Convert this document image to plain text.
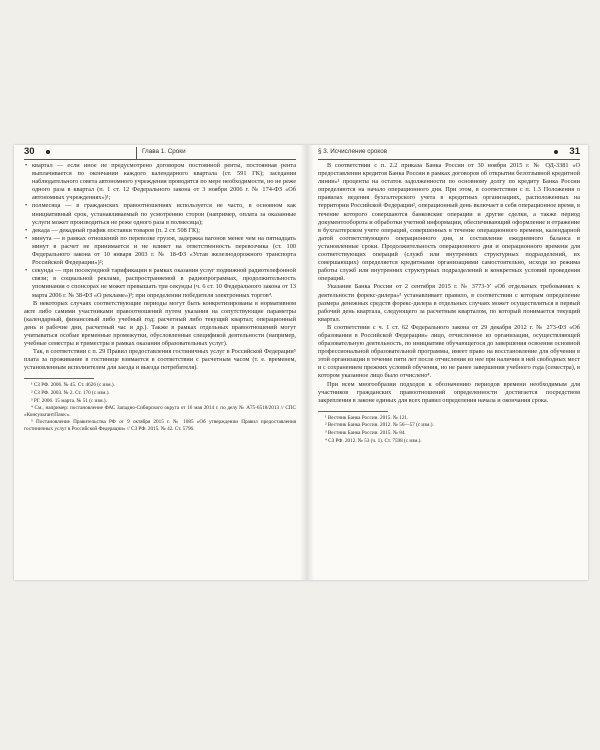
30	Глава 1. Сроки
• квартал — если иное не предусмотрено договором постоянной ренты, постоянная рента выплачивается по окончании каждого календарного квартала (ст. 591 ГК); заседания наблюдательного совета автономного учреждения проводятся по мере необходимости, но не реже одного раза в квартал (п. 1 ст. 12 Федерального закона от 3 ноября 2006 г. № 174-ФЗ «Об автономных учреждениях»)¹;
• полмесяца — в гражданских правоотношениях используется не часто, в основном как инициативный срок, устанавливаемый по усмотрению сторон (например, оплата за оказанные услуги может производиться не реже одного раза в полмесяца);
• декада — декадный график поставки товаров (п. 2 ст. 508 ГК);
• минута — в рамках отношений по перевозке грузов, задержка вагонов менее чем на пятнадцать минут в расчет не принимается и не влияет на ответственность перевозчика (ст. 100 Федерального закона от 10 января 2003 г. № 18-ФЗ «Устав железнодорожного транспорта Российской Федерации»)²;
• секунда — при посекундной тарификации в рамках оказания услуг подвижной радиотелефонной связи; в социальной рекламе, распространяемой в радиопрограммах, продолжительность упоминания о спонсорах не может превышать три секунды (ч. 6 ст. 10 Федерального закона от 13 марта 2006 г. № 38-ФЗ «О рекламе»)³; при определении победителя электронных торгов⁴.

В некоторых случаях соответствующие периоды могут быть конкретизированы в нормативном акте либо самими участниками правоотношений путем указания на сопутствующие параметры (календарный, финансовый либо учебный год; расчетный либо текущий квартал; операционный день и рабочие дни, расчетный час и др.). Также в рамках отдельных правоотношений могут учитываться особые временные промежутки, обусловленные спецификой деятельности (например, учебные семестры и триместры в рамках оказания образовательных услуг).

Так, в соответствии с п. 29 Правил предоставления гостиничных услуг в Российской Федерации⁵ плата за проживание в гостинице взимается в соответствии с расчетным часом (т. е. временем, установленным исполнителем для заезда и выезда потребителя).

¹ СЗ РФ. 2006. № 45. Ст. 4626 (с изм.).
² СЗ РФ. 2003. № 2. Ст. 170 (с изм.).
³ РГ. 2006. 15 марта. № 51 (с изм.).
⁴ См., например: постановление ФАС Западно-Сибирского округа от 16 мая 2014 г. по делу № А75-6518/2013 // СПС «КонсультантПлюс».
⁵ Постановление Правительства РФ от 9 октября 2015 г. № 1085 «Об утверждении Правил предоставления гостиничных услуг в Российской Федерации» // СЗ РФ. 2015. № 42. Ст. 5796.
§ 3. Исчисление сроков	31

В соответствии с п. 2.2 приказа Банка России от 30 ноября 2015 г. № ОД-3381 «О предоставлении кредитов Банка России в рамках договоров об открытии безотзывной кредитной линии»¹ проценты на остаток задолженности по основному долгу по кредиту Банка России определяются на начало операционного дня. При этом, в соответствии с п. 1.3 Положения о правилах ведения бухгалтерского учета в кредитных организациях, расположенных на территории Российской Федерации², операционный день включает в себя операционное время, в течение которого совершаются банковские операции и другие сделки, а также период документооборота и обработки учетной информации, обеспечивающий оформление и отражение в бухгалтерском учете операций, совершенных в течение операционного времени, календарной датой соответствующего операционного дня, и составление ежедневного баланса в установленные сроки. Продолжительность операционного дня и операционного времени для соответствующих операций (служб или внутренних структурных подразделений, их совершающих) определяется кредитными организациями самостоятельно, исходя из режима работы служб или внутренних структурных подразделений и конкретных условий проведения операций.

Указание Банка России от 2 сентября 2015 г. № 3773-У «Об отдельных требованиях к деятельности форекс-дилера»³ устанавливает правило, в соответствии с которым определение размера денежных средств форекс-дилера в отдельных случаях может осуществляться в первый рабочий день квартала, следующего за расчетным кварталом, по который понимается текущий квартал.

В соответствии с ч. 1 ст. 62 Федерального закона от 29 декабря 2012 г. № 273-ФЗ «Об образовании в Российской Федерации» лицо, отчисленное из организации, осуществляющей образовательную деятельность, по инициативе обучающегося до завершения освоения основной профессиональной образовательной программы, имеет право на восстановление для обучения в этой организации в течение пяти лет после отчисления из нее при наличии в ней свободных мест и с сохранением прежних условий обучения, но не ранее завершения учебного года (семестра), в котором указанное лицо было отчислено⁴.

При всем многообразии подходов к обозначению периодов времени необходимым для участников гражданских правоотношений определенности достигается посредством закрепления в законе единых для всех правил определения начала и окончания срока.

¹ Вестник Банка России. 2015. № 121.
² Вестник Банка России. 2012. № 56—57 (с изм.).
³ Вестник Банка России. 2015. № 84.
⁴ СЗ РФ. 2012. № 53 (ч. 1). Ст. 7598 (с изм.).
